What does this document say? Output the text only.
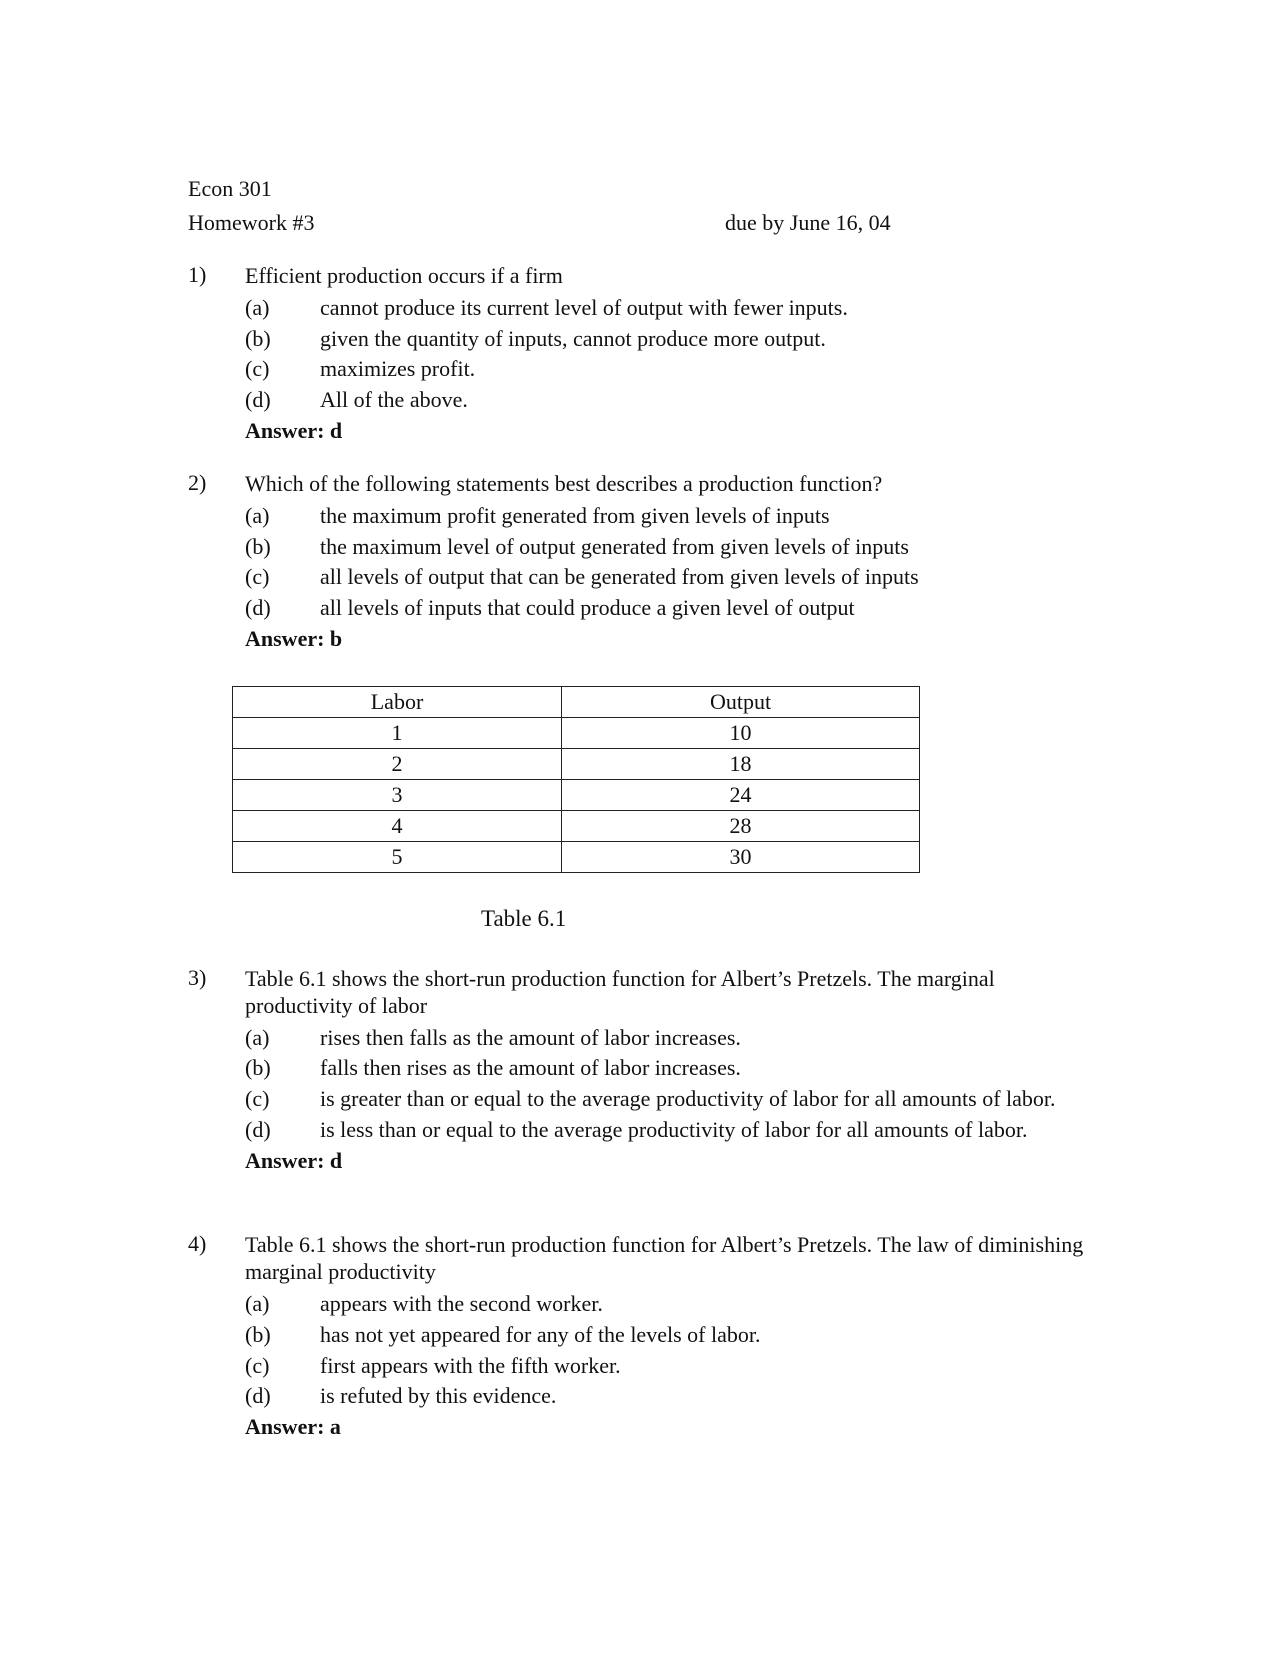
Econ 301
Homework #3	due by June 16, 04
1) Efficient production occurs if a firm
(a) cannot produce its current level of output with fewer inputs.
(b) given the quantity of inputs, cannot produce more output.
(c) maximizes profit.
(d) All of the above.
Answer: d
2) Which of the following statements best describes a production function?
(a) the maximum profit generated from given levels of inputs
(b) the maximum level of output generated from given levels of inputs
(c) all levels of output that can be generated from given levels of inputs
(d) all levels of inputs that could produce a given level of output
Answer: b
Labor	Output
1	10
2	18
3	24
4	28
5	30
Table 6.1
3) Table 6.1 shows the short-run production function for Albert’s Pretzels. The marginal productivity of labor
(a) rises then falls as the amount of labor increases.
(b) falls then rises as the amount of labor increases.
(c) is greater than or equal to the average productivity of labor for all amounts of labor.
(d) is less than or equal to the average productivity of labor for all amounts of labor.
Answer: d
4) Table 6.1 shows the short-run production function for Albert’s Pretzels. The law of diminishing marginal productivity
(a) appears with the second worker.
(b) has not yet appeared for any of the levels of labor.
(c) first appears with the fifth worker.
(d) is refuted by this evidence.
Answer: a
